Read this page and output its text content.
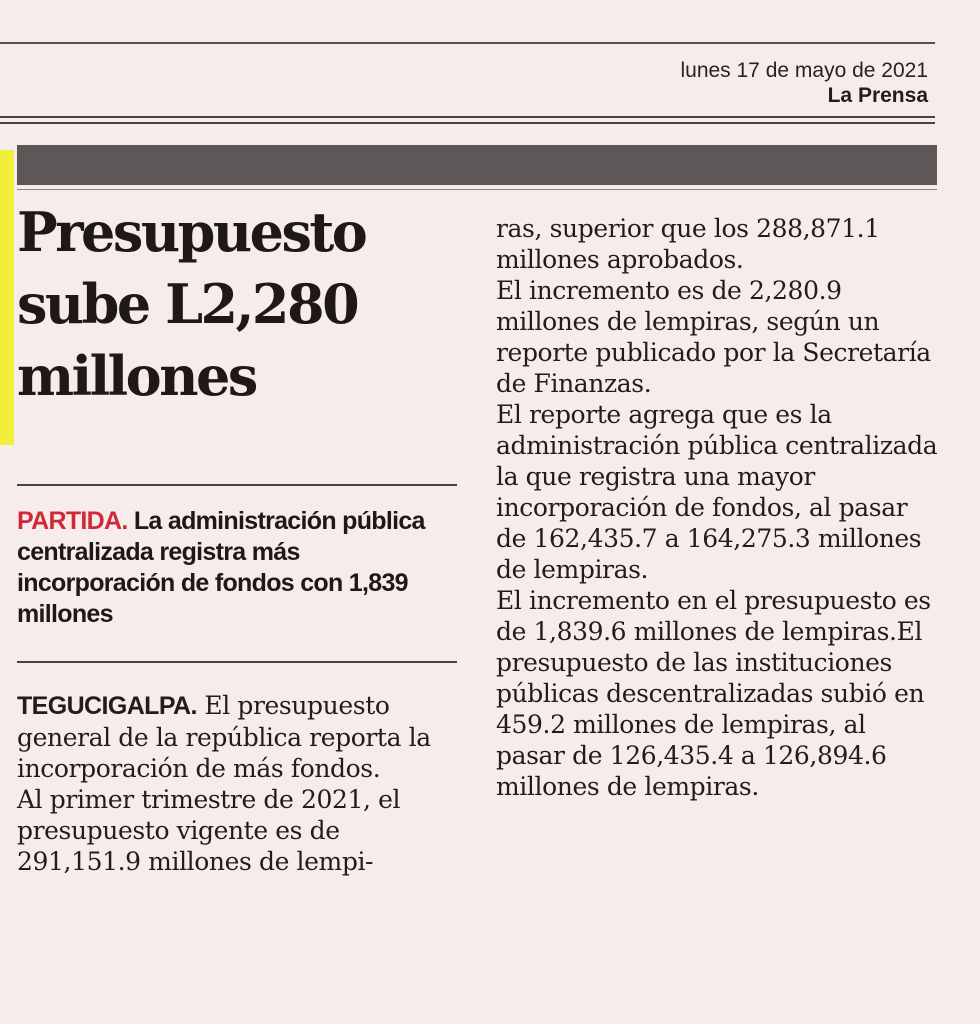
lunes 17 de mayo de 2021
La Prensa

Presupuesto
sube L2,280
millones

PARTIDA. La administración pública centralizada registra más incorporación de fondos con 1,839 millones

TEGUCIGALPA. El presupuesto general de la república reporta la incorporación de más fondos.

Al primer trimestre de 2021, el presupuesto vigente es de 291,151.9 millones de lempi-

ras, superior que los 288,871.1 millones aprobados.

El incremento es de 2,280.9 millones de lempiras, según un reporte publicado por la Secretaría de Finanzas.

El reporte agrega que es la administración pública centralizada la que registra una mayor incorporación de fondos, al pasar de 162,435.7 a 164,275.3 millones de lempiras.

El incremento en el presupuesto es de 1,839.6 millones de lempiras.El presupuesto de las instituciones públicas descentralizadas subió en 459.2 millones de lempiras, al pasar de 126,435.4 a 126,894.6 millones de lempiras.
